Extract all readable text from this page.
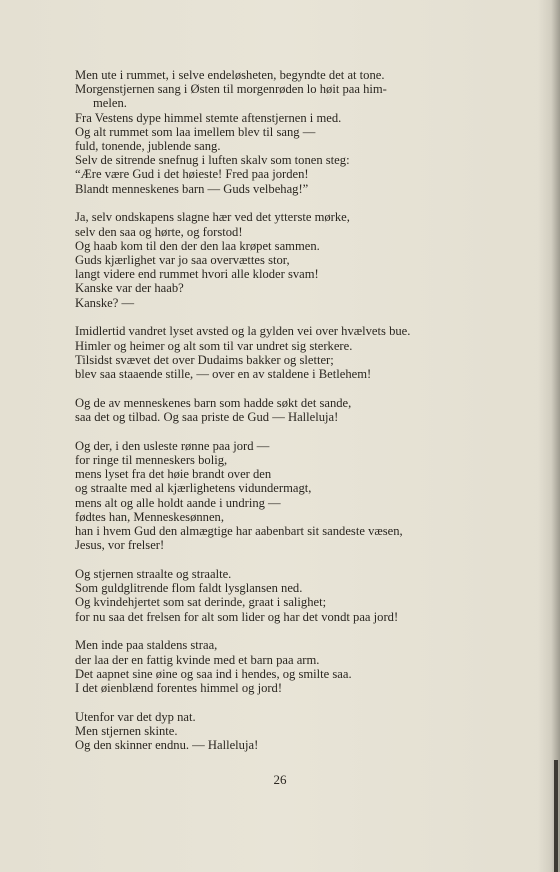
Men ute i rummet, i selve endeløsheten, begyndte det at tone.
Morgenstjernen sang i Østen til morgenrøden lo høit paa him-
melen.
Fra Vestens dype himmel stemte aftenstjernen i med.
Og alt rummet som laa imellem blev til sang —
fuld, tonende, jublende sang.
Selv de sitrende snefnug i luften skalv som tonen steg:
“Ære være Gud i det høieste! Fred paa jorden!
Blandt menneskenes barn — Guds velbehag!”
Ja, selv ondskapens slagne hær ved det ytterste mørke,
selv den saa og hørte, og forstod!
Og haab kom til den der den laa krøpet sammen.
Guds kjærlighet var jo saa overvættes stor,
langt videre end rummet hvori alle kloder svam!
Kanske var der haab?
Kanske? —
Imidlertid vandret lyset avsted og la gylden vei over hvælvets bue.
Himler og heimer og alt som til var undret sig sterkere.
Tilsidst svævet det over Dudaims bakker og sletter;
blev saa staaende stille, — over en av staldene i Betlehem!
Og de av menneskenes barn som hadde søkt det sande,
saa det og tilbad. Og saa priste de Gud — Halleluja!
Og der, i den usleste rønne paa jord —
for ringe til menneskers bolig,
mens lyset fra det høie brandt over den
og straalte med al kjærlighetens vidundermagt,
mens alt og alle holdt aande i undring —
fødtes han, Menneskesønnen,
han i hvem Gud den almægtige har aabenbart sit sandeste væsen,
Jesus, vor frelser!
Og stjernen straalte og straalte.
Som guldglitrende flom faldt lysglansen ned.
Og kvindehjertet som sat derinde, graat i salighet;
for nu saa det frelsen for alt som lider og har det vondt paa jord!
Men inde paa staldens straa,
der laa der en fattig kvinde med et barn paa arm.
Det aapnet sine øine og saa ind i hendes, og smilte saa.
I det øienblænd forentes himmel og jord!
Utenfor var det dyp nat.
Men stjernen skinte.
Og den skinner endnu. — Halleluja!
26
